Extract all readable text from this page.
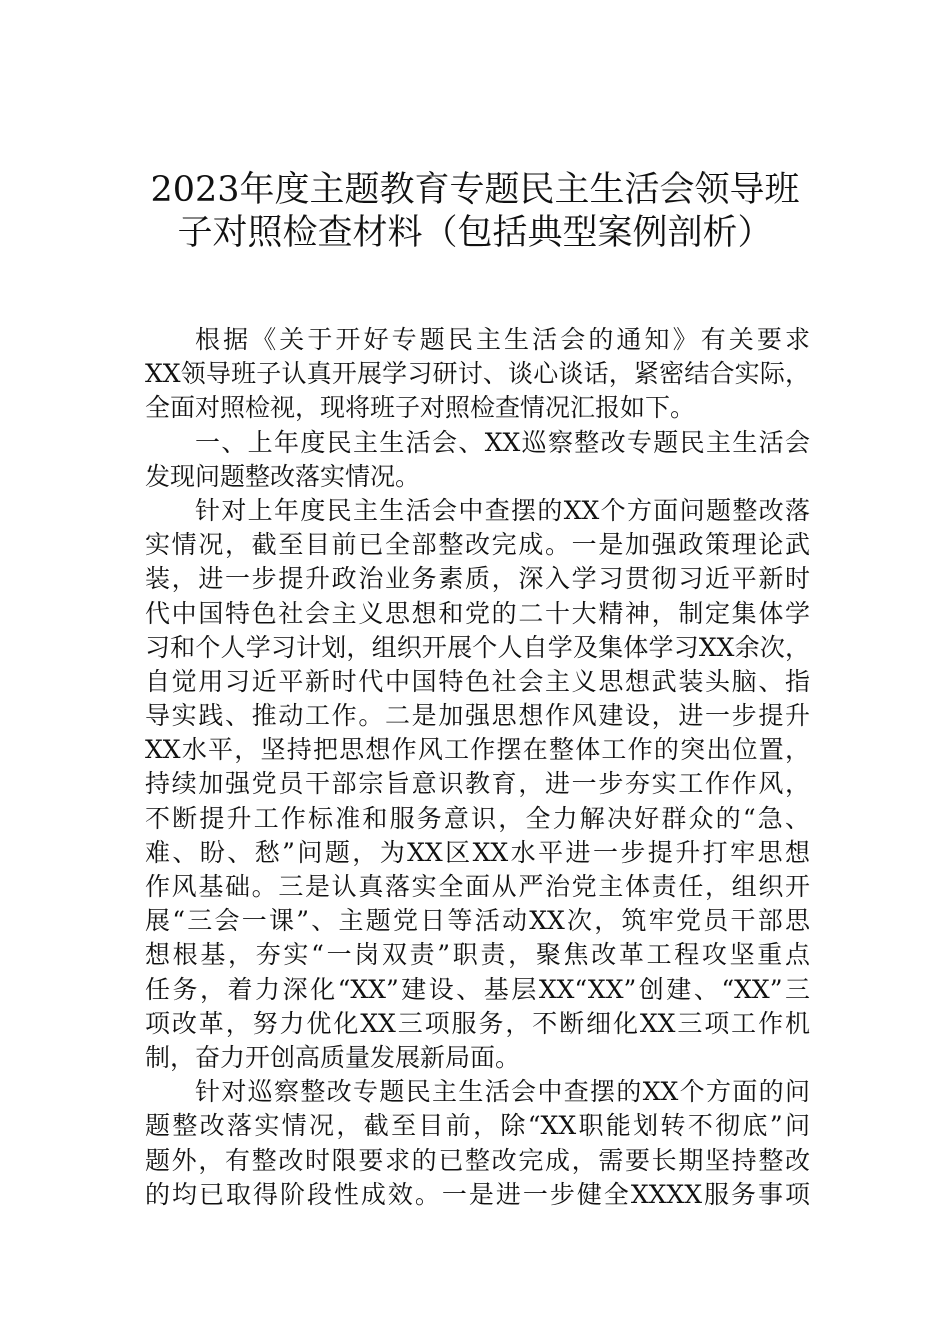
2023年度主题教育专题民主生活会领导班
子对照检查材料（包括典型案例剖析）
根据《关于开好专题民主生活会的通知》有关要求
XX领导班子认真开展学习研讨、谈心谈话，紧密结合实际，
全面对照检视，现将班子对照检查情况汇报如下。
一、上年度民主生活会、XX巡察整改专题民主生活会
发现问题整改落实情况。
针对上年度民主生活会中查摆的XX个方面问题整改落
实情况，截至目前已全部整改完成。一是加强政策理论武
装，进一步提升政治业务素质，深入学习贯彻习近平新时
代中国特色社会主义思想和党的二十大精神，制定集体学
习和个人学习计划，组织开展个人自学及集体学习XX余次，
自觉用习近平新时代中国特色社会主义思想武装头脑、指
导实践、推动工作。二是加强思想作风建设，进一步提升
XX水平，坚持把思想作风工作摆在整体工作的突出位置，
持续加强党员干部宗旨意识教育，进一步夯实工作作风，
不断提升工作标准和服务意识，全力解决好群众的“急、
难、盼、愁”问题，为XX区XX水平进一步提升打牢思想
作风基础。三是认真落实全面从严治党主体责任，组织开
展“三会一课”、主题党日等活动XX次，筑牢党员干部思
想根基，夯实“一岗双责”职责，聚焦改革工程攻坚重点
任务，着力深化“XX”建设、基层XX“XX”创建、“XX”三
项改革，努力优化XX三项服务，不断细化XX三项工作机
制，奋力开创高质量发展新局面。
针对巡察整改专题民主生活会中查摆的XX个方面的问
题整改落实情况，截至目前，除“XX职能划转不彻底”问
题外，有整改时限要求的已整改完成，需要长期坚持整改
的均已取得阶段性成效。一是进一步健全XXXX服务事项
